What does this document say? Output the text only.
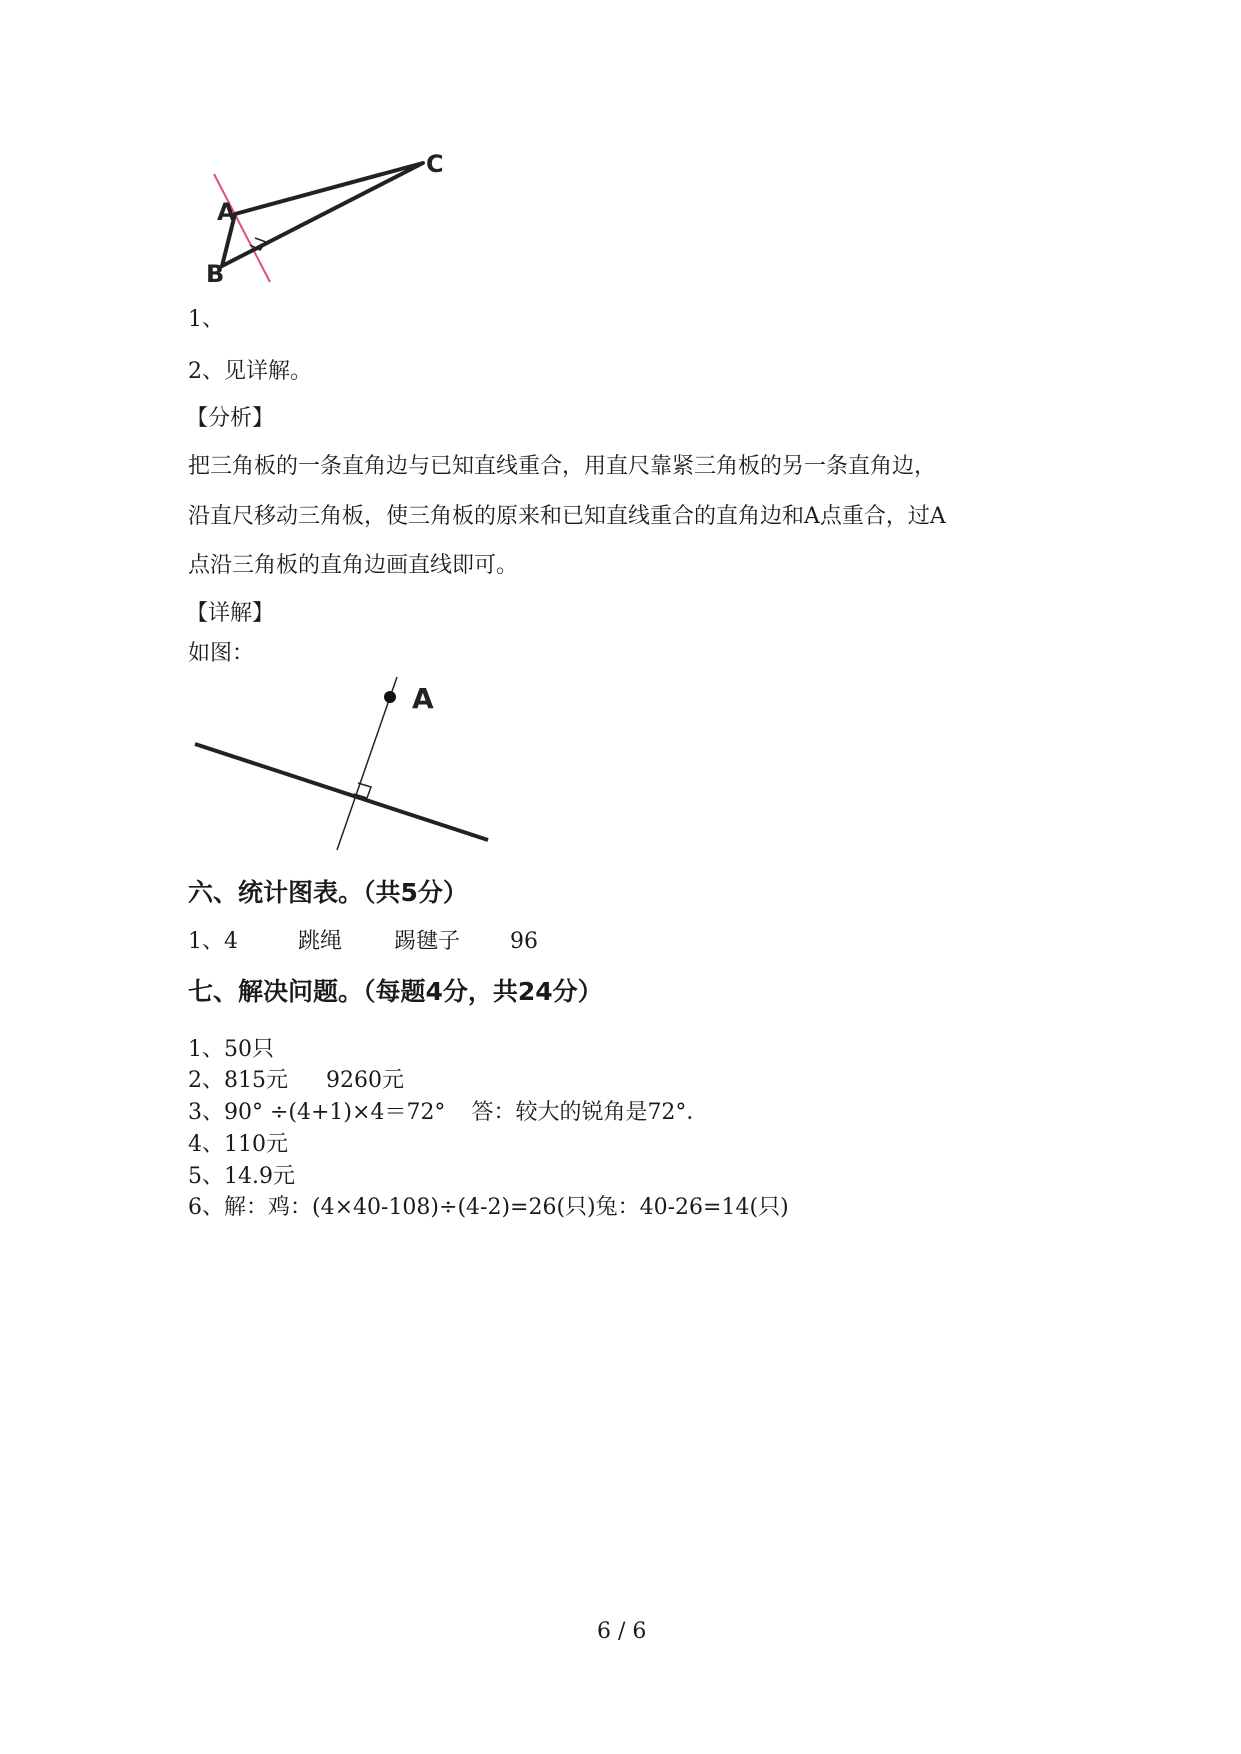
A
B
C
1、
2、见详解。
【分析】
把三角板的一条直角边与已知直线重合，用直尺靠紧三角板的另一条直角边，
沿直尺移动三角板，使三角板的原来和已知直线重合的直角边和A点重合，过A
点沿三角板的直角边画直线即可。
【详解】
如图：
A
六、统计图表。（共5分）
1、4	跳绳 踢毽子 96
七、解决问题。（每题4分，共24分）
1、50只
2、815元 9260元
3、90° ÷(4+1)×4＝72° 答：较大的锐角是72°．
4、110元
5、14.9元
6、解：鸡：(4×40-108)÷(4-2)=26(只)兔：40-26=14(只)
6 / 6
